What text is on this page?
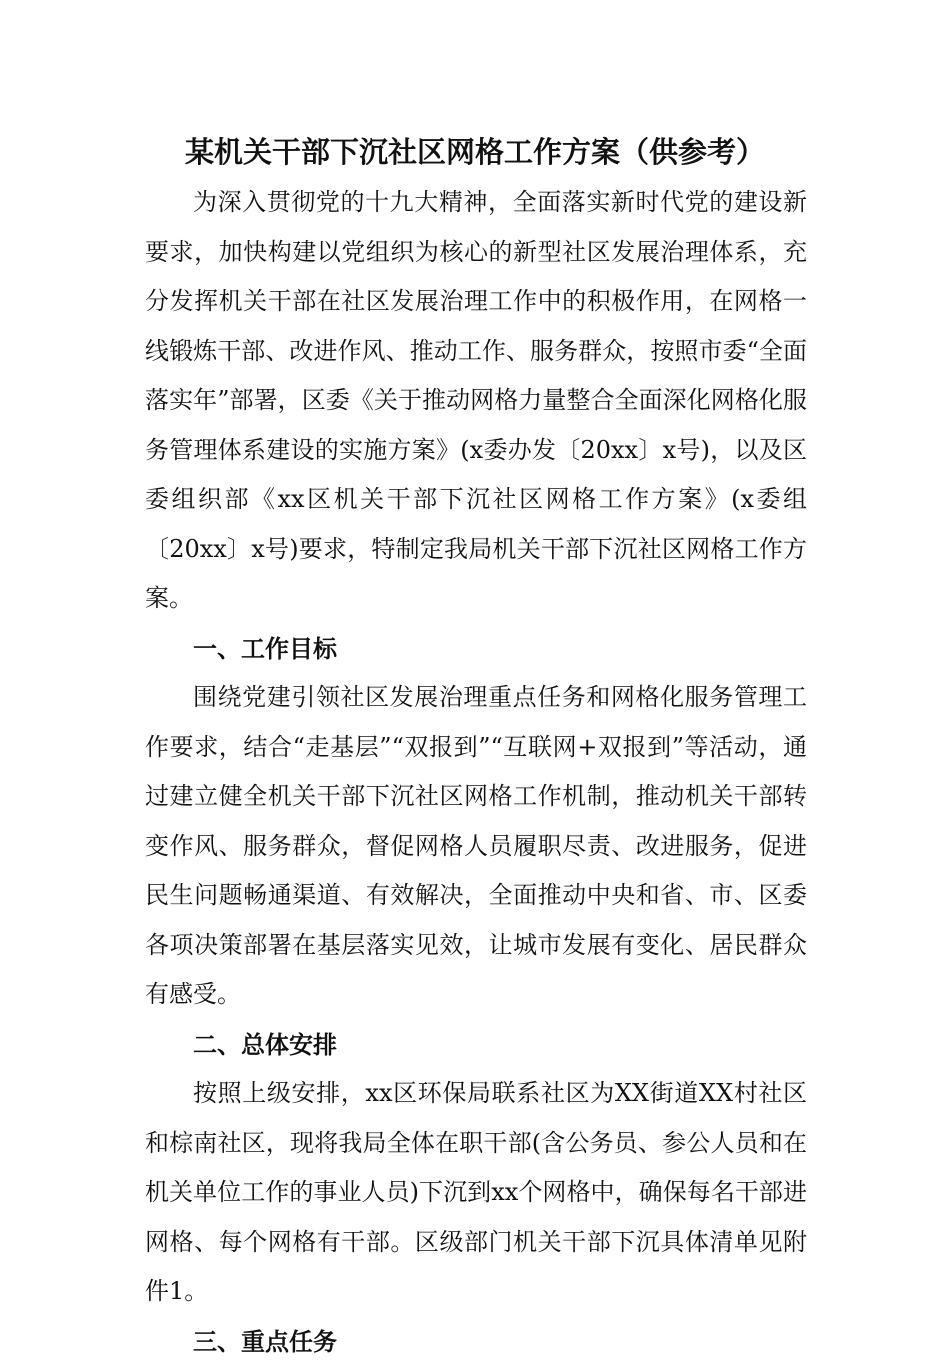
某机关干部下沉社区网格工作方案（供参考）

为深入贯彻党的十九大精神，全面落实新时代党的建设新要求，加快构建以党组织为核心的新型社区发展治理体系，充分发挥机关干部在社区发展治理工作中的积极作用，在网格一线锻炼干部、改进作风、推动工作、服务群众，按照市委“全面落实年”部署，区委《关于推动网格力量整合全面深化网格化服务管理体系建设的实施方案》(x委办发〔20xx〕x号)，以及区委组织部《xx区机关干部下沉社区网格工作方案》(x委组〔20xx〕x号)要求，特制定我局机关干部下沉社区网格工作方案。

一、工作目标

围绕党建引领社区发展治理重点任务和网格化服务管理工作要求，结合“走基层”“双报到”“互联网+双报到”等活动，通过建立健全机关干部下沉社区网格工作机制，推动机关干部转变作风、服务群众，督促网格人员履职尽责、改进服务，促进民生问题畅通渠道、有效解决，全面推动中央和省、市、区委各项决策部署在基层落实见效，让城市发展有变化、居民群众有感受。

二、总体安排

按照上级安排，xx区环保局联系社区为XX街道XX村社区和棕南社区，现将我局全体在职干部(含公务员、参公人员和在机关单位工作的事业人员)下沉到xx个网格中，确保每名干部进网格、每个网格有干部。区级部门机关干部下沉具体清单见附件1。

三、重点任务
